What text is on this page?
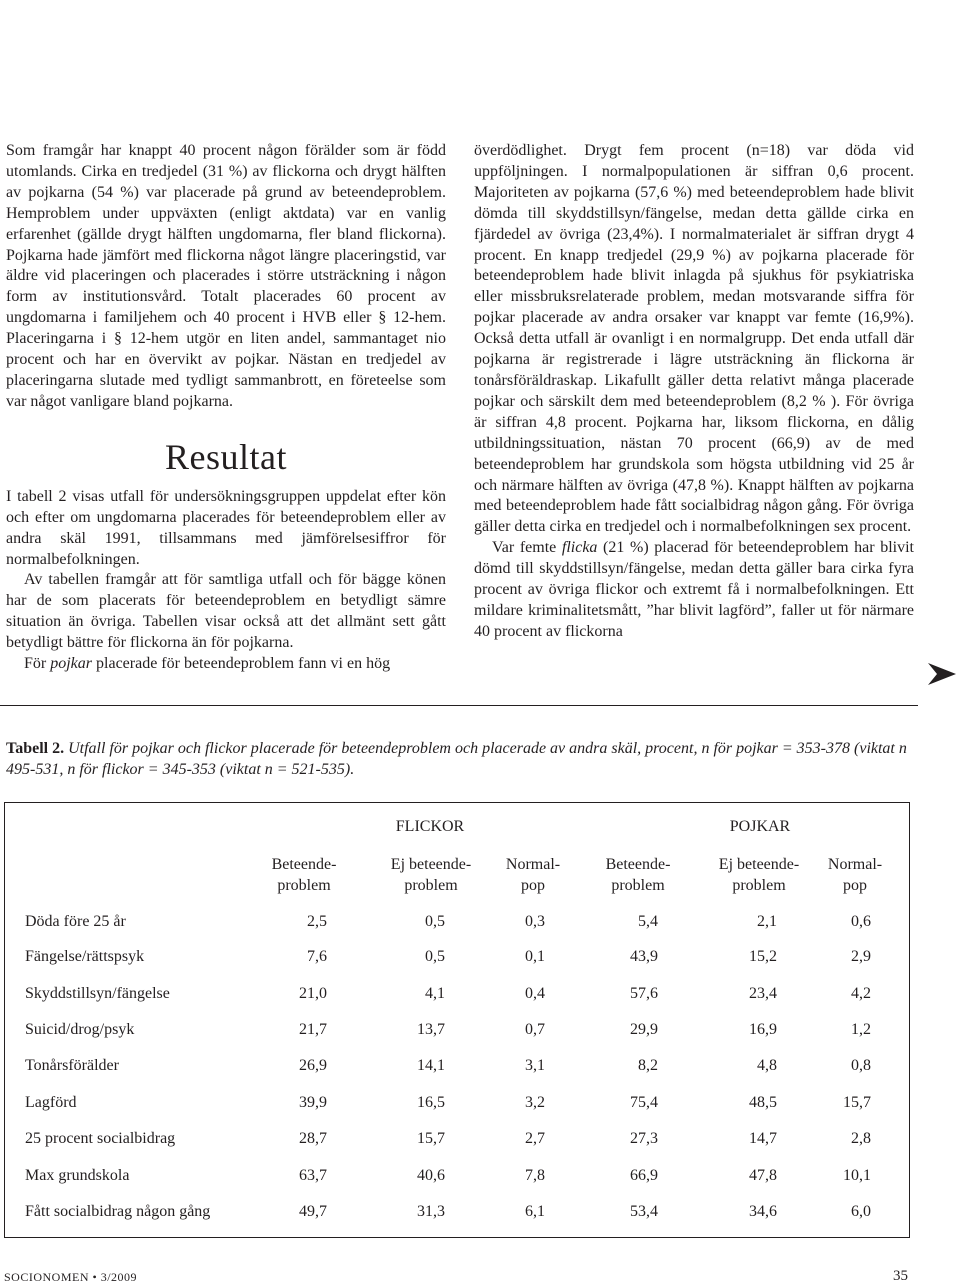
Som framgår har knappt 40 procent någon förälder som är född utomlands. Cirka en tredjedel (31 %) av flickorna och drygt hälften av pojkarna (54 %) var placerade på grund av beteendeproblem. Hemproblem under uppväxten (enligt aktdata) var en vanlig erfarenhet (gällde drygt hälften ungdomarna, fler bland flickorna). Pojkarna hade jämfört med flickorna något längre placeringstid, var äldre vid placeringen och placerades i större utsträckning i någon form av institutionsvård. Totalt placerades 60 procent av ungdomarna i familjehem och 40 procent i HVB eller § 12-hem. Placeringarna i § 12-hem utgör en liten andel, sammantaget nio procent och har en övervikt av pojkar. Nästan en tredjedel av placeringarna slutade med tydligt sammanbrott, en företeelse som var något vanligare bland pojkarna.

Resultat

I tabell 2 visas utfall för undersökningsgruppen uppdelat efter kön och efter om ungdomarna placerades för beteendeproblem eller av andra skäl 1991, tillsammans med jämförelsesiffror för normalbefolkningen.

Av tabellen framgår att för samtliga utfall och för bägge könen har de som placerats för beteendeproblem en betydligt sämre situation än övriga. Tabellen visar också att det allmänt sett gått betydligt bättre för flickorna än för pojkarna.

För pojkar placerade för beteendeproblem fann vi en hög

överdödlighet. Drygt fem procent (n=18) var döda vid uppföljningen. I normalpopulationen är siffran 0,6 procent. Majoriteten av pojkarna (57,6 %) med beteendeproblem hade blivit dömda till skyddstillsyn/fängelse, medan detta gällde cirka en fjärdedel av övriga (23,4%). I normalmaterialet är siffran drygt 4 procent. En knapp tredjedel (29,9 %) av pojkarna placerade för beteendeproblem hade blivit inlagda på sjukhus för psykiatriska eller missbruksrelaterade problem, medan motsvarande siffra för pojkar placerade av andra orsaker var knappt var femte (16,9%). Också detta utfall är ovanligt i en normalgrupp. Det enda utfall där pojkarna är registrerade i lägre utsträckning än flickorna är tonårsföräldraskap. Likafullt gäller detta relativt många placerade pojkar och särskilt dem med beteendeproblem (8,2 % ). För övriga är siffran 4,8 procent. Pojkarna har, liksom flickorna, en dålig utbildningssituation, nästan 70 procent (66,9) av de med beteendeproblem har grundskola som högsta utbildning vid 25 år och närmare hälften av övriga (47,8 %). Knappt hälften av pojkarna med beteendeproblem hade fått socialbidrag någon gång. För övriga gäller detta cirka en tredjedel och i normalbefolkningen sex procent.

Var femte flicka (21 %) placerad för beteendeproblem har blivit dömd till skyddstillsyn/fängelse, medan detta gäller bara cirka fyra procent av övriga flickor och extremt få i normalbefolkningen. Ett mildare kriminalitetsmått, ”har blivit lagförd”, faller ut för närmare 40 procent av flickorna

Tabell 2. Utfall för pojkar och flickor placerade för beteendeproblem och placerade av andra skäl, procent, n för pojkar = 353-378 (viktat n 495-531, n för flickor = 345-353 (viktat n = 521-535).
FLICKOR	POJKAR
Beteende-
problem
Ej beteende-
problem
Normal-
pop
Beteende-
problem
Ej beteende-
problem
Normal-
pop
Döda före 25 år	2,5	0,5	0,3	5,4	2,1	0,6
Fängelse/rättspsyk	7,6	0,5	0,1	43,9	15,2	2,9
Skyddstillsyn/fängelse	21,0	4,1	0,4	57,6	23,4	4,2
Suicid/drog/psyk	21,7	13,7	0,7	29,9	16,9	1,2
Tonårsförälder	26,9	14,1	3,1	8,2	4,8	0,8
Lagförd	39,9	16,5	3,2	75,4	48,5	15,7
25 procent socialbidrag	28,7	15,7	2,7	27,3	14,7	2,8
Max grundskola	63,7	40,6	7,8	66,9	47,8	10,1
Fått socialbidrag någon gång	49,7	31,3	6,1	53,4	34,6	6,0
SOCIONOMEN • 3/2009	35
